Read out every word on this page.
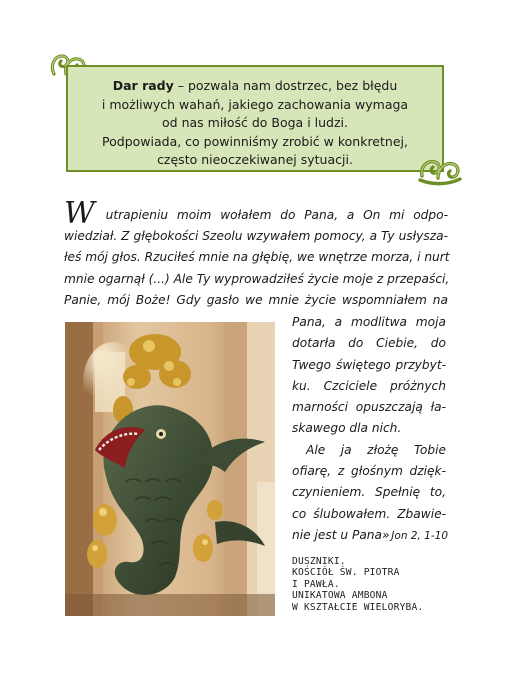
Dar rady – pozwala nam dostrzec, bez błędu
i możliwych wahań, jakiego zachowania wymaga
od nas miłość do Boga i ludzi.
Podpowiada, co powinniśmy zrobić w konkretnej,
często nieoczekiwanej sytuacji.
W utrapieniu moim wołałem do Pana, a On mi odpo-
wiedział. Z głębokości Szeolu wzywałem pomocy, a Ty usłysza-
łeś mój głos. Rzuciłeś mnie na głębię, we wnętrze morza, i nurt
mnie ogarnął (...) Ale Ty wyprowadziłeś życie moje z przepaści,
Panie, mój Boże! Gdy gasło we mnie życie wspomniałem na
Pana, a modlitwa moja
dotarła do Ciebie, do
Twego świętego przybyt-
ku. Czciciele próżnych
marności opuszczają ła-
skawego dla nich.
Ale ja złożę Tobie
ofiarę, z głośnym dzięk-
czynieniem. Spełnię to,
co ślubowałem. Zbawie-
nie jest u Pana» Jon 2, 1-10
DUSZNIKI.
KOŚCIÓŁ ŚW. PIOTRA
I PAWŁA.
UNIKATOWA AMBONA
W KSZTAŁCIE WIELORYBA.
